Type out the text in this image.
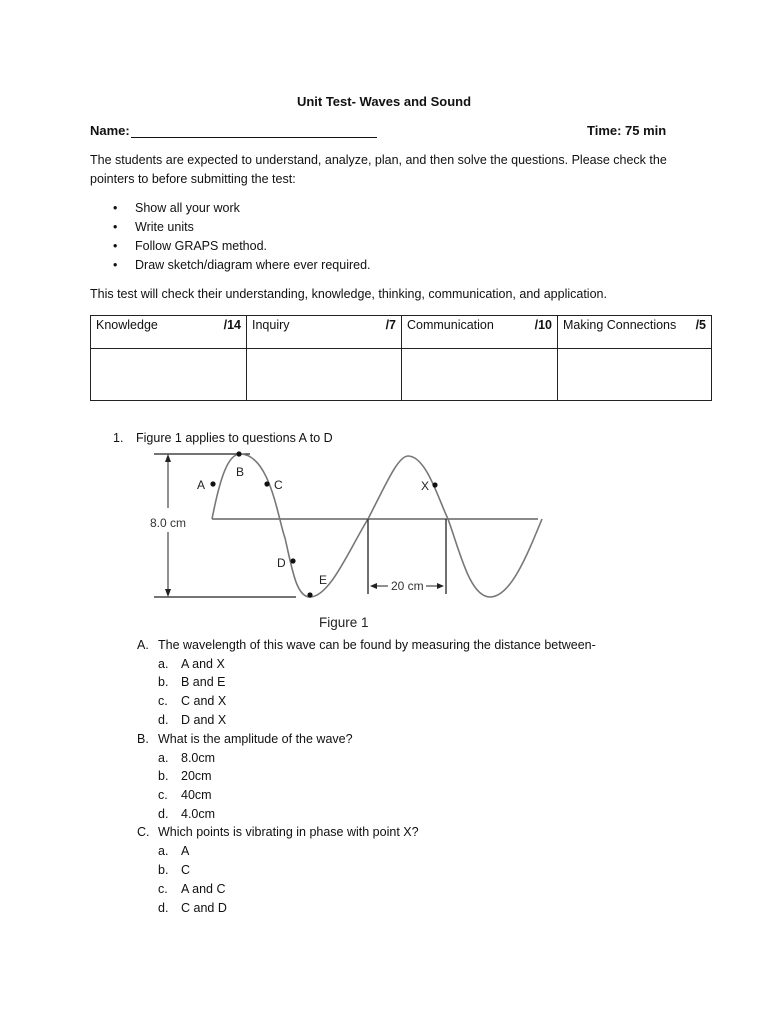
Unit Test- Waves and Sound
Name:	Time: 75 min
The students are expected to understand, analyze, plan, and then solve the questions. Please check the pointers to before submitting the test:
• Show all your work
• Write units
• Follow GRAPS method.
• Draw sketch/diagram where ever required.
This test will check their understanding, knowledge, thinking, communication, and application.
Knowledge /14	Inquiry /7	Communication /10	Making Connections /5

1. Figure 1 applies to questions A to D
8.0 cm
20 cm
A
B
C
D
E
X
Figure 1
A. The wavelength of this wave can be found by measuring the distance between-
a. A and X
b. B and E
c. C and X
d. D and X
B. What is the amplitude of the wave?
a. 8.0cm
b. 20cm
c. 40cm
d. 4.0cm
C. Which points is vibrating in phase with point X?
a. A
b. C
c. A and C
d. C and D
